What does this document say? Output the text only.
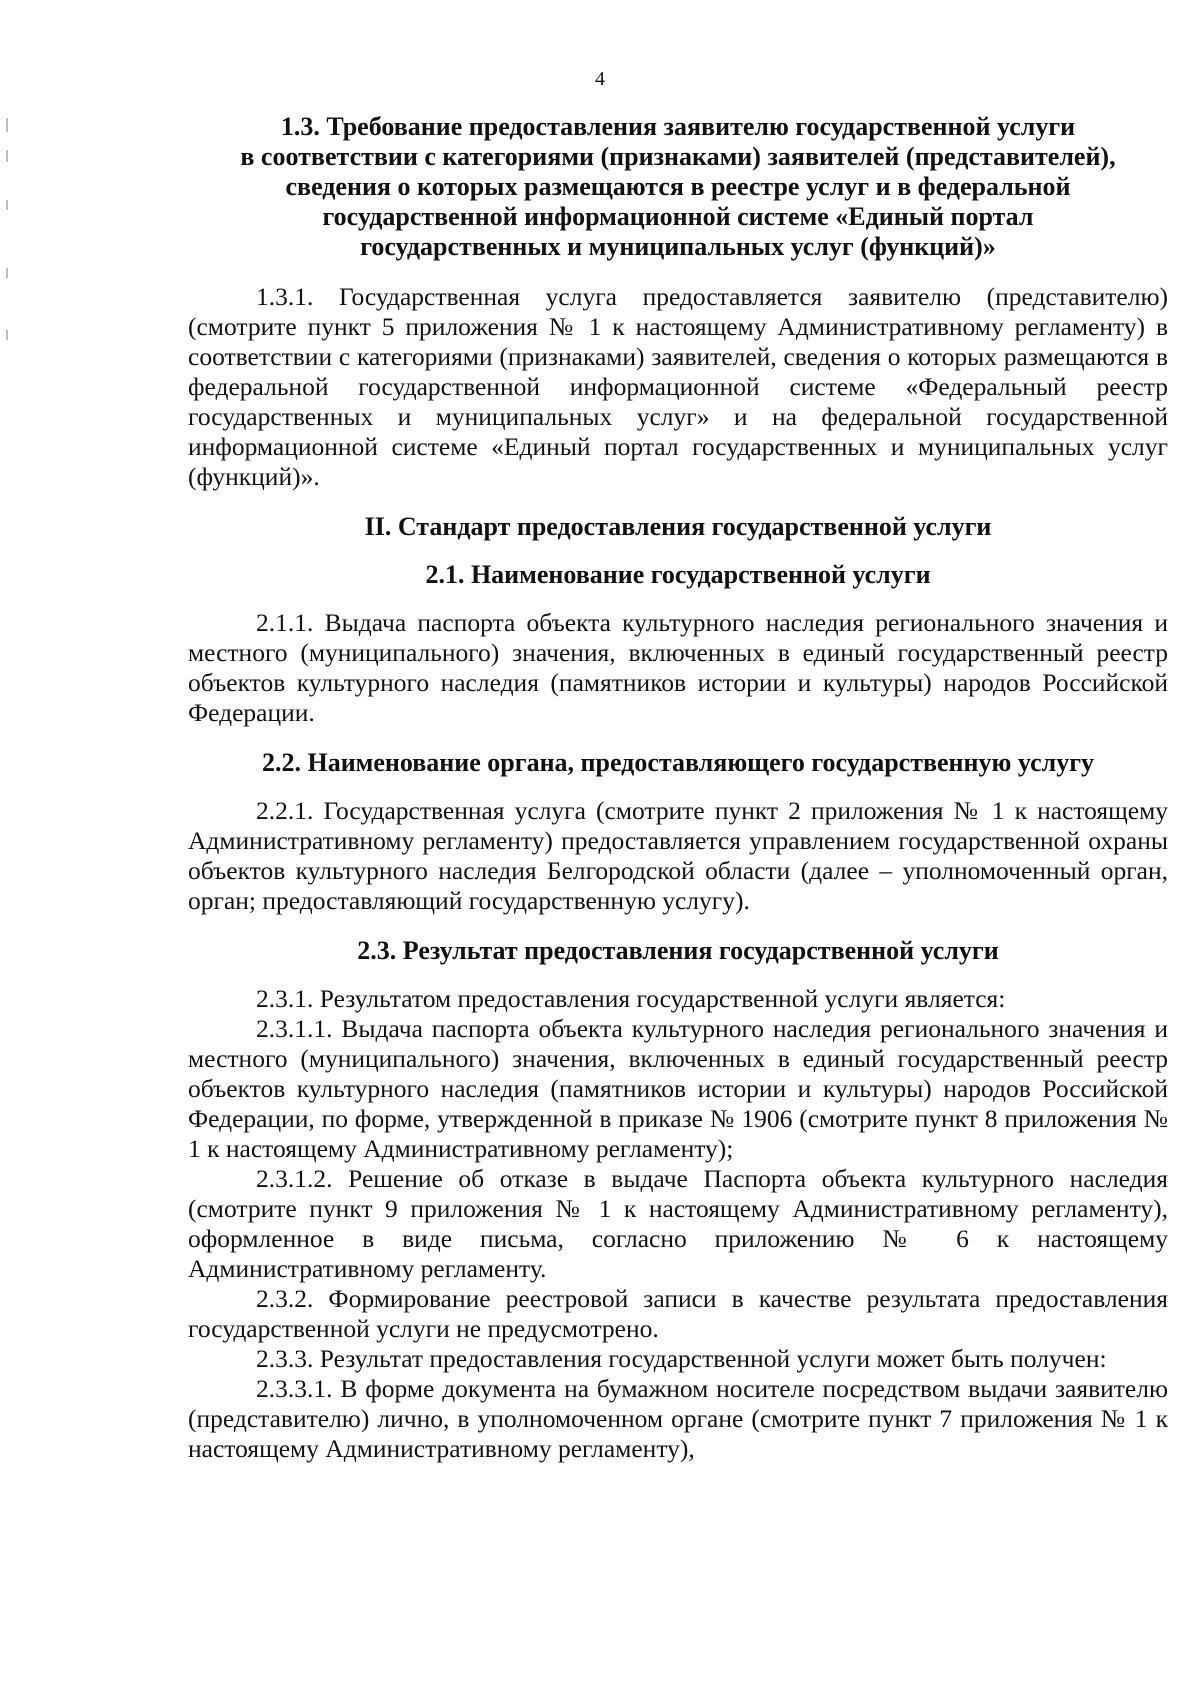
4
1.3. Требование предоставления заявителю государственной услуги
в соответствии с категориями (признаками) заявителей (представителей),
сведения о которых размещаются в реестре услуг и в федеральной
государственной информационной системе «Единый портал
государственных и муниципальных услуг (функций)»

1.3.1. Государственная услуга предоставляется заявителю (представителю) (смотрите пункт 5 приложения № 1 к настоящему Административному регламенту) в соответствии с категориями (признаками) заявителей, сведения о которых размещаются в федеральной государственной информационной системе «Федеральный реестр государственных и муниципальных услуг» и на федеральной государственной информационной системе «Единый портал государственных и муниципальных услуг (функций)».

II. Стандарт предоставления государственной услуги
2.1. Наименование государственной услуги

2.1.1. Выдача паспорта объекта культурного наследия регионального значения и местного (муниципального) значения, включенных в единый государственный реестр объектов культурного наследия (памятников истории и культуры) народов Российской Федерации.

2.2. Наименование органа, предоставляющего государственную услугу

2.2.1. Государственная услуга (смотрите пункт 2 приложения № 1 к настоящему Административному регламенту) предоставляется управлением государственной охраны объектов культурного наследия Белгородской области (далее – уполномоченный орган, орган; предоставляющий государственную услугу).

2.3. Результат предоставления государственной услуги

2.3.1. Результатом предоставления государственной услуги является:

2.3.1.1. Выдача паспорта объекта культурного наследия регионального значения и местного (муниципального) значения, включенных в единый государственный реестр объектов культурного наследия (памятников истории и культуры) народов Российской Федерации, по форме, утвержденной в приказе № 1906 (смотрите пункт 8 приложения № 1 к настоящему Административному регламенту);

2.3.1.2. Решение об отказе в выдаче Паспорта объекта культурного наследия (смотрите пункт 9 приложения № 1 к настоящему Административному регламенту), оформленное в виде письма, согласно приложению № 6 к настоящему Административному регламенту.

2.3.2. Формирование реестровой записи в качестве результата предоставления государственной услуги не предусмотрено.

2.3.3. Результат предоставления государственной услуги может быть получен:

2.3.3.1. В форме документа на бумажном носителе посредством выдачи заявителю (представителю) лично, в уполномоченном органе (смотрите пункт 7 приложения № 1 к настоящему Административному регламенту),
